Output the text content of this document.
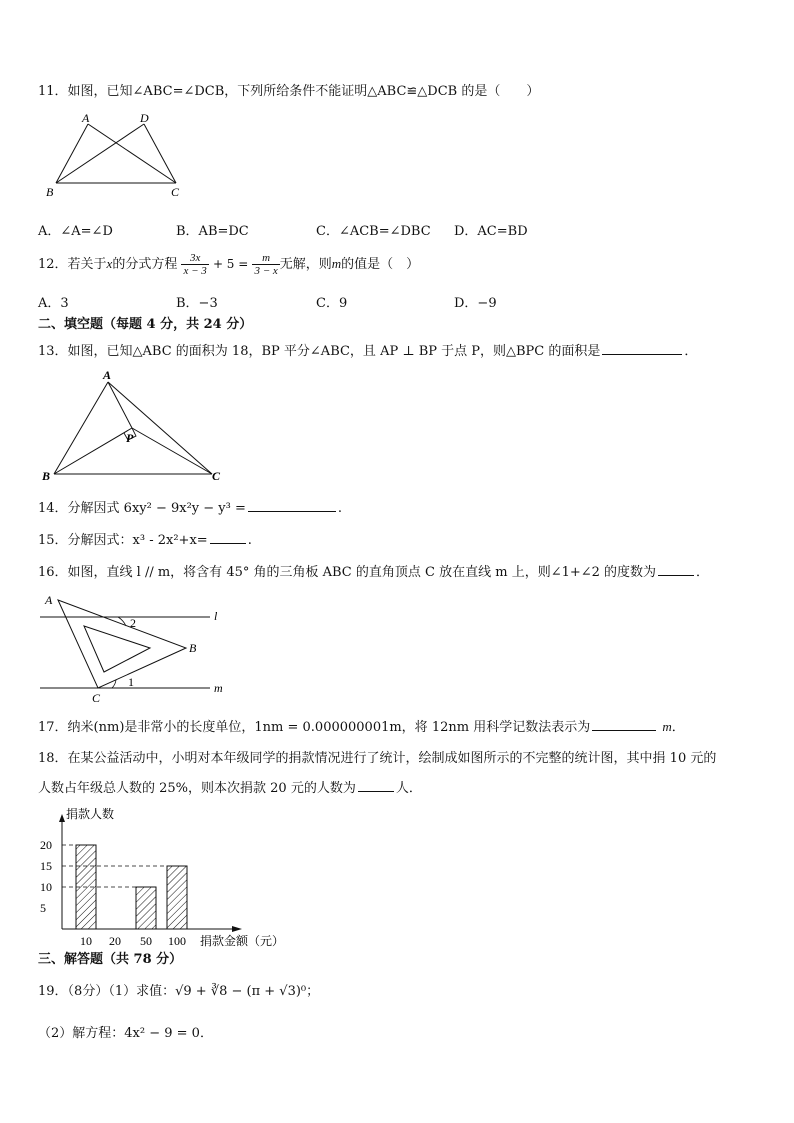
11．如图，已知∠ABC=∠DCB，下列所给条件不能证明△ABC≌△DCB 的是（　　）
A	D
B	C
A．∠A=∠D	B．AB=DC	C．∠ACB=∠DBC D．AC=BD
12．若关于x的分式方程 $\frac{3x}{x - 3} + 5 = \frac{m}{3 - x}$ 无解，则m的值是（　）
A．3	B．−3	C．9	D．−9
二、填空题（每题 4 分，共 24 分）
13．如图，已知△ABC 的面积为 18，BP 平分∠ABC，且 AP ⊥ BP 于点 P，则△BPC 的面积是	．
A
P
B	C
14．分解因式 6xy² − 9x²y − y³ =	.
15．分解因式：x³ - 2x²+x=	.
16．如图，直线 l // m，将含有 45° 角的三角板 ABC 的直角顶点 C 放在直线 m 上，则∠1+∠2 的度数为	．
A
B
C
l
m
2
1
17．纳米(nm)是非常小的长度单位，1nm = 0.000000001m，将 12nm 用科学记数法表示为	m．
18．在某公益活动中，小明对本年级同学的捐款情况进行了统计，绘制成如图所示的不完整的统计图，其中捐 10 元的
人数占年级总人数的 25%，则本次捐款 20 元的人数为	人．
捐款人数
捐款金额（元）
5
10
15
20
10 20 50 100
三、解答题（共 78 分）
19．（8分）（1）求值：√9 + ∛8 − (π + √3)⁰；
（2）解方程：4x² − 9 = 0．
